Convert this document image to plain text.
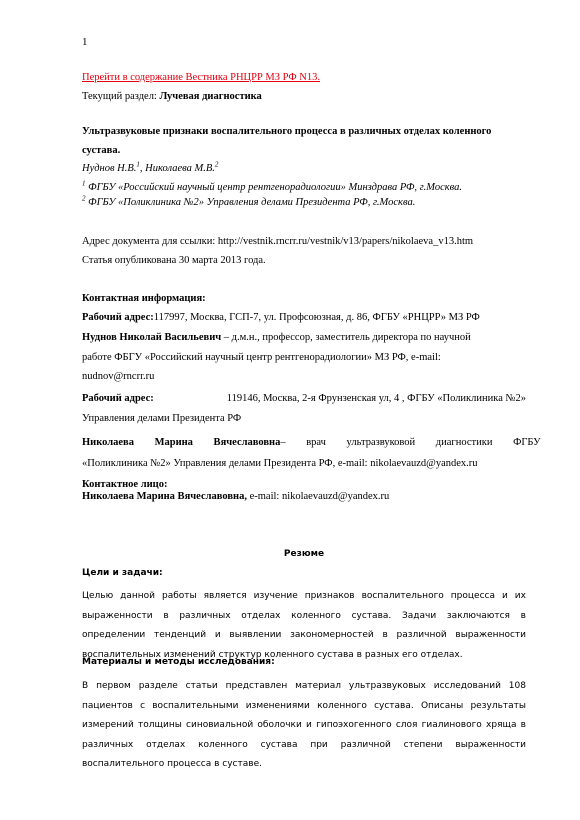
1
Перейти в содержание Вестника РНЦРР МЗ РФ N13.
Текущий раздел: Лучевая диагностика
Ультразвуковые признаки воспалительного процесса в различных отделах коленного
сустава.
Нуднов Н.В.$^1$, Николаева М.В.$^2$
$^1$ ФГБУ «Российский научный центр рентгенорадиологии» Минздрава РФ, г.Москва.
$^2$ ФГБУ «Поликлиника №2» Управления делами Президента РФ, г.Москва.
Адрес документа для ссылки: http://vestnik.rncrr.ru/vestnik/v13/papers/nikolaeva_v13.htm
Статья опубликована 30 марта 2013 года.
Контактная информация:
Рабочий адрес:117997, Москва, ГСП-7, ул. Профсоюзная, д. 86, ФГБУ «РНЦРР» МЗ РФ
Нуднов Николай Васильевич – д.м.н., профессор, заместитель директора по научной
работе ФБГУ «Российский научный центр рентгенорадиологии» МЗ РФ, e-mail:
nudnov@rncrr.ru
Рабочий адрес:	119146, Москва, 2-я Фрунзенская ул, 4 , ФГБУ «Поликлиника №2»
Управления делами Президента РФ
Николаева Марина Вячеславовна – врач ультразвуковой диагностики ФГБУ
«Поликлиника №2» Управления делами Президента РФ, e-mail: nikolaevauzd@yandex.ru
Контактное лицо:
Николаева Марина Вячеславовна, e-mail: nikolaevauzd@yandex.ru
Резюме
Цели и задачи:
Целью данной работы является изучение признаков воспалительного процесса и их выраженности в различных отделах коленного сустава. Задачи заключаются в определении тенденций и выявлении закономерностей в различной выраженности воспалительных изменений структур коленного сустава в разных его отделах.
Материалы и методы исследования:
В первом разделе статьи представлен материал ультразвуковых исследований 108 пациентов с воспалительными изменениями коленного сустава. Описаны результаты измерений толщины синовиальной оболочки и гипоэхогенного слоя гиалинового хряща в различных отделах коленного сустава при различной степени выраженности воспалительного процесса в суставе.
